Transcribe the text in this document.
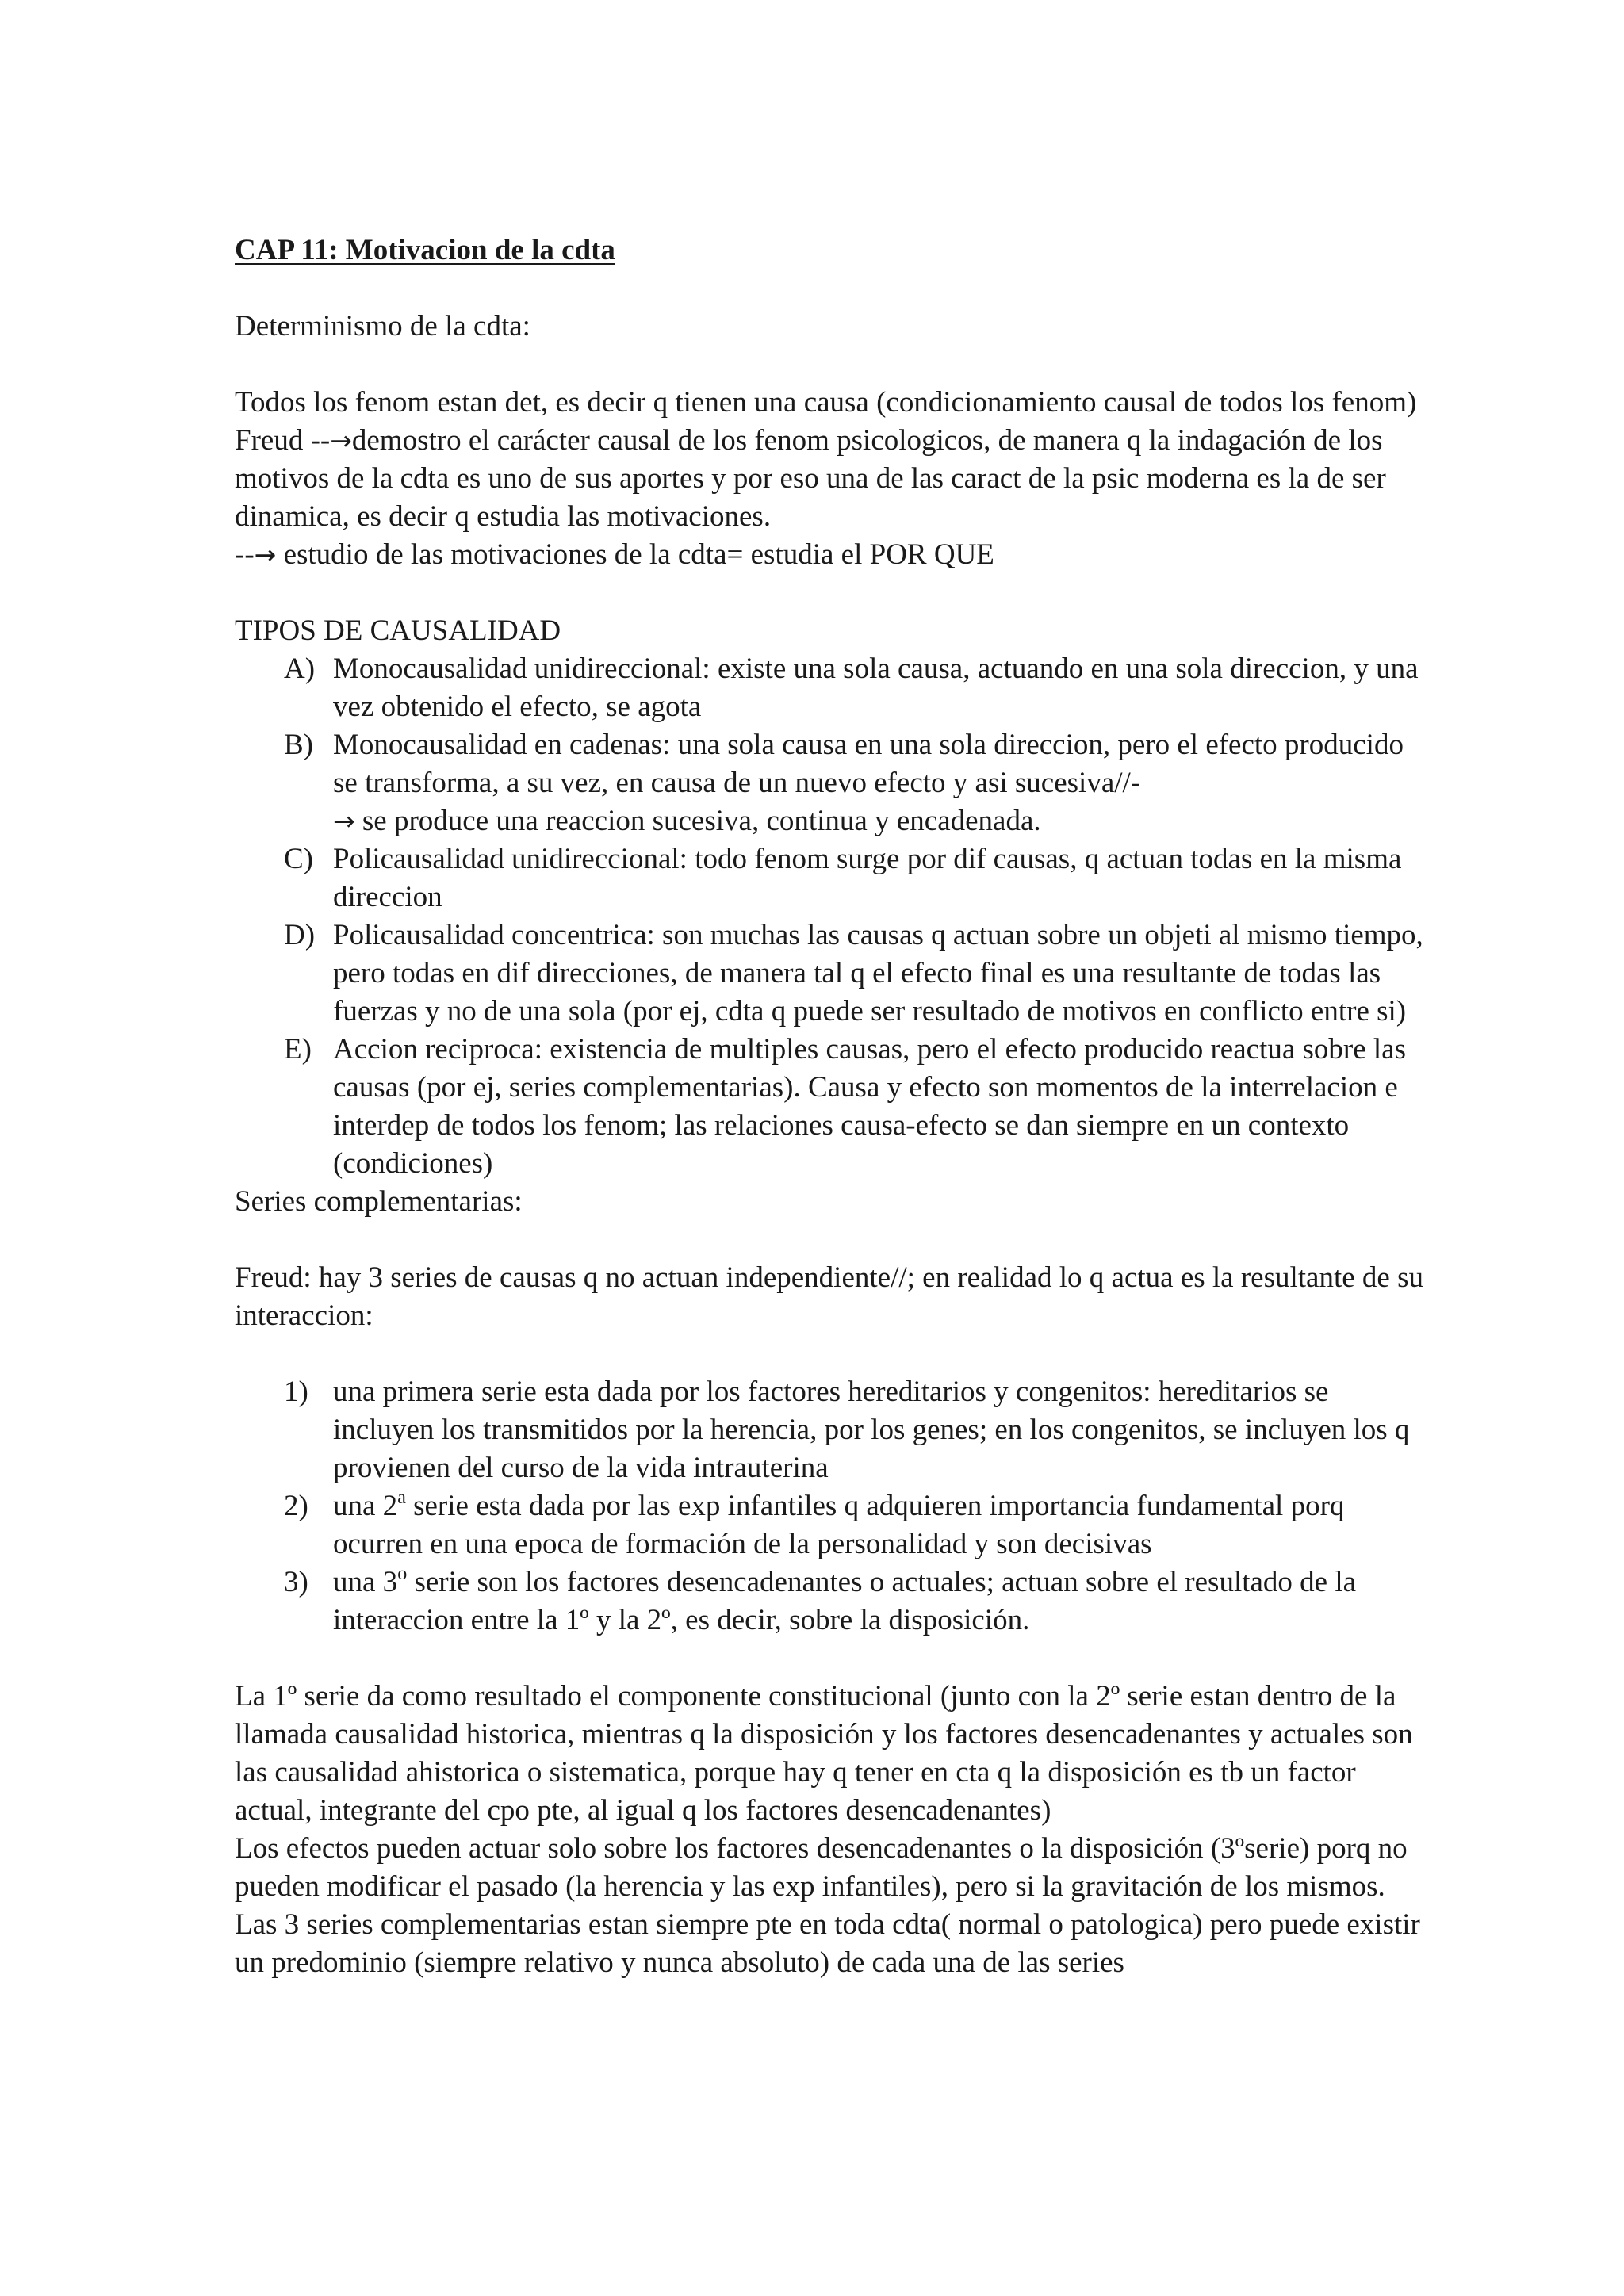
CAP 11: Motivacion de la cdta

Determinismo de la cdta:

Todos los fenom estan det, es decir q tienen una causa (condicionamiento causal de todos los fenom)

Freud --→demostro el carácter causal de los fenom psicologicos, de manera q la indagación de los motivos de la cdta es uno de sus aportes y por eso una de las caract de la psic moderna es la de ser dinamica, es decir q estudia las motivaciones.

--→ estudio de las motivaciones de la cdta= estudia el POR QUE

TIPOS DE CAUSALIDAD

A) Monocausalidad unidireccional: existe una sola causa, actuando en una sola direccion, y una vez obtenido el efecto, se agota
B) Monocausalidad en cadenas: una sola causa en una sola direccion, pero el efecto producido se transforma, a su vez, en causa de un nuevo efecto y asi sucesiva//-
→ se produce una reaccion sucesiva, continua y encadenada.
C) Policausalidad unidireccional: todo fenom surge por dif causas, q actuan todas en la misma direccion
D) Policausalidad concentrica: son muchas las causas q actuan sobre un objeti al mismo tiempo, pero todas en dif direcciones, de manera tal q el efecto final es una resultante de todas las fuerzas y no de una sola (por ej, cdta q puede ser resultado de motivos en conflicto entre si)
E) Accion reciproca: existencia de multiples causas, pero el efecto producido reactua sobre las causas (por ej, series complementarias). Causa y efecto son momentos de la interrelacion e interdep de todos los fenom; las relaciones causa-efecto se dan siempre en un contexto (condiciones)

Series complementarias:

Freud: hay 3 series de causas q no actuan independiente//; en realidad lo q actua es la resultante de su interaccion:

1) una primera serie esta dada por los factores hereditarios y congenitos: hereditarios se incluyen los transmitidos por la herencia, por los genes; en los congenitos, se incluyen los q provienen del curso de la vida intrauterina
2) una 2$^a$ serie esta dada por las exp infantiles q adquieren importancia fundamental porq ocurren en una epoca de formación de la personalidad y son decisivas
3) una 3$^o$ serie son los factores desencadenantes o actuales; actuan sobre el resultado de la interaccion entre la 1º y la 2º, es decir, sobre la disposición.

La 1º serie da como resultado el componente constitucional (junto con la 2º serie estan dentro de la llamada causalidad historica, mientras q la disposición y los factores desencadenantes y actuales son las causalidad ahistorica o sistematica, porque hay q tener en cta q la disposición es tb un factor actual, integrante del cpo pte, al igual q los factores desencadenantes)

Los efectos pueden actuar solo sobre los factores desencadenantes o la disposición (3ºserie) porq no pueden modificar el pasado (la herencia y las exp infantiles), pero si la gravitación de los mismos.

Las 3 series complementarias estan siempre pte en toda cdta( normal o patologica) pero puede existir un predominio (siempre relativo y nunca absoluto) de cada una de las series
